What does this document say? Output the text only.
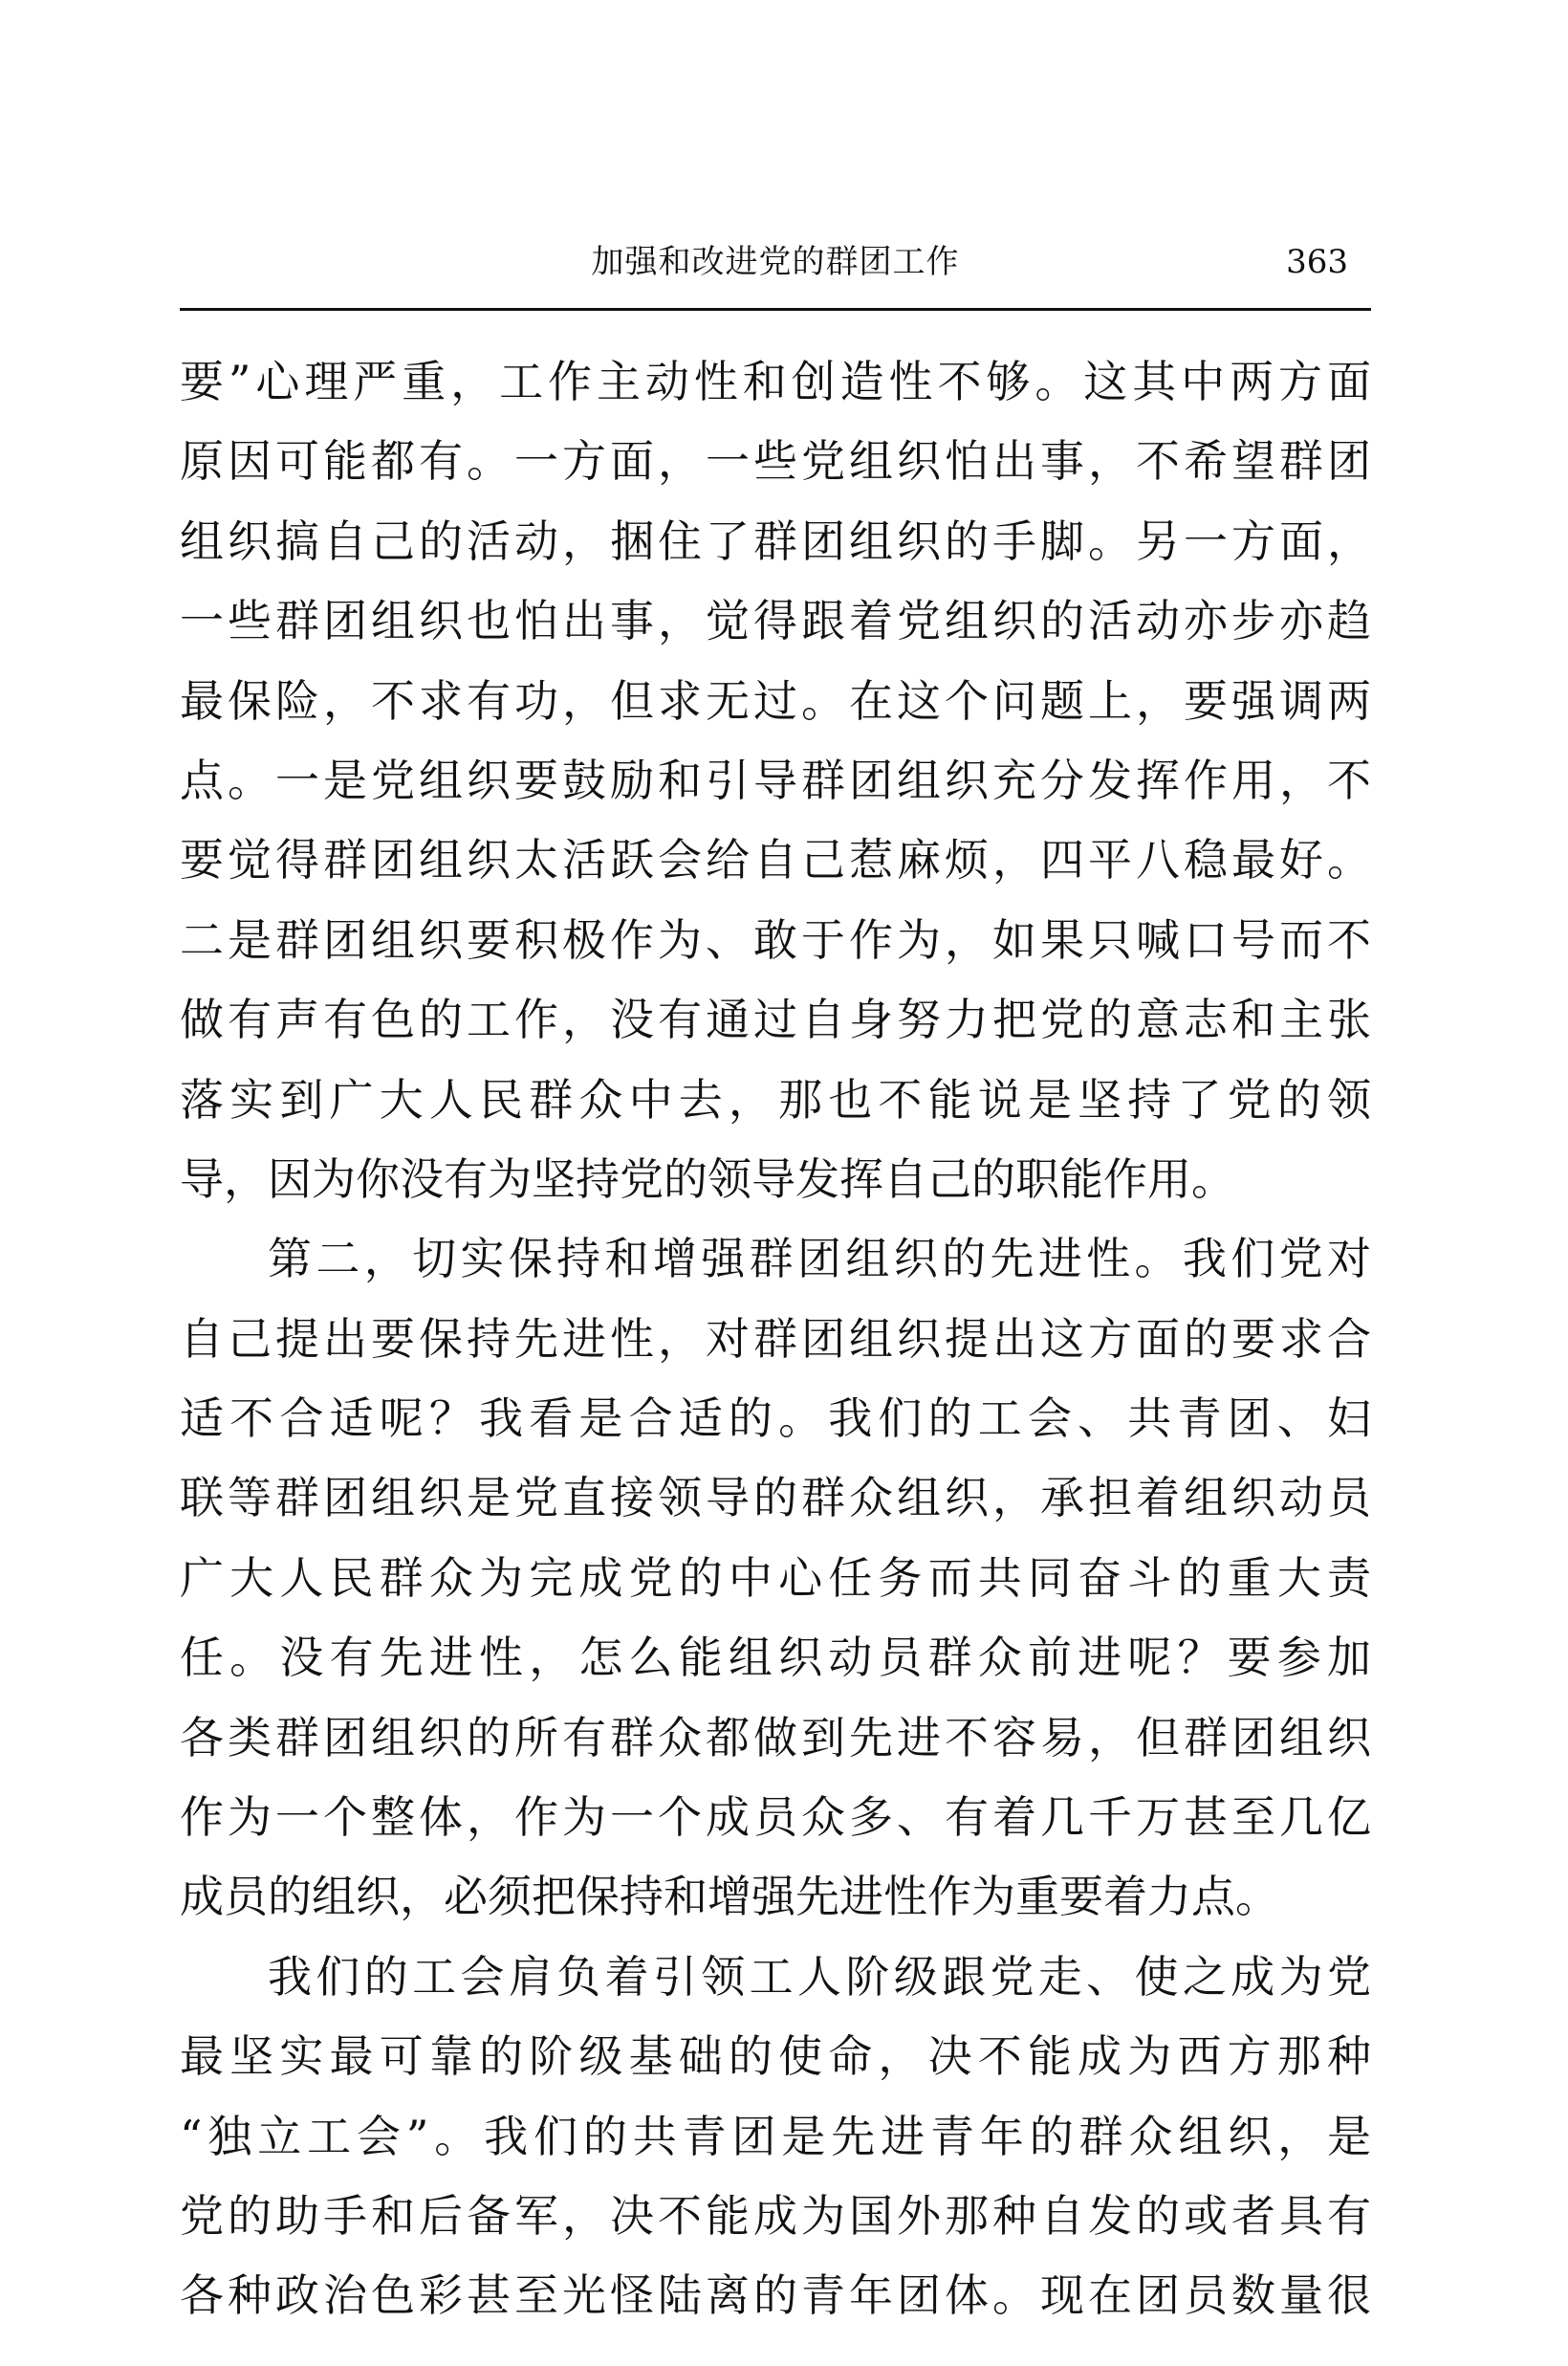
加强和改进党的群团工作	363
要”心理严重，工作主动性和创造性不够。这其中两方面
原因可能都有。一方面，一些党组织怕出事，不希望群团
组织搞自己的活动，捆住了群团组织的手脚。另一方面，
一些群团组织也怕出事，觉得跟着党组织的活动亦步亦趋
最保险，不求有功，但求无过。在这个问题上，要强调两
点。一是党组织要鼓励和引导群团组织充分发挥作用，不
要觉得群团组织太活跃会给自己惹麻烦，四平八稳最好。
二是群团组织要积极作为、敢于作为，如果只喊口号而不
做有声有色的工作，没有通过自身努力把党的意志和主张
落实到广大人民群众中去，那也不能说是坚持了党的领
导，因为你没有为坚持党的领导发挥自己的职能作用。
第二，切实保持和增强群团组织的先进性。我们党对
自己提出要保持先进性，对群团组织提出这方面的要求合
适不合适呢？我看是合适的。我们的工会、共青团、妇
联等群团组织是党直接领导的群众组织，承担着组织动员
广大人民群众为完成党的中心任务而共同奋斗的重大责
任。没有先进性，怎么能组织动员群众前进呢？要参加
各类群团组织的所有群众都做到先进不容易，但群团组织
作为一个整体，作为一个成员众多、有着几千万甚至几亿
成员的组织，必须把保持和增强先进性作为重要着力点。
我们的工会肩负着引领工人阶级跟党走、使之成为党
最坚实最可靠的阶级基础的使命，决不能成为西方那种
“独立工会”。我们的共青团是先进青年的群众组织，是
党的助手和后备军，决不能成为国外那种自发的或者具有
各种政治色彩甚至光怪陆离的青年团体。现在团员数量很
